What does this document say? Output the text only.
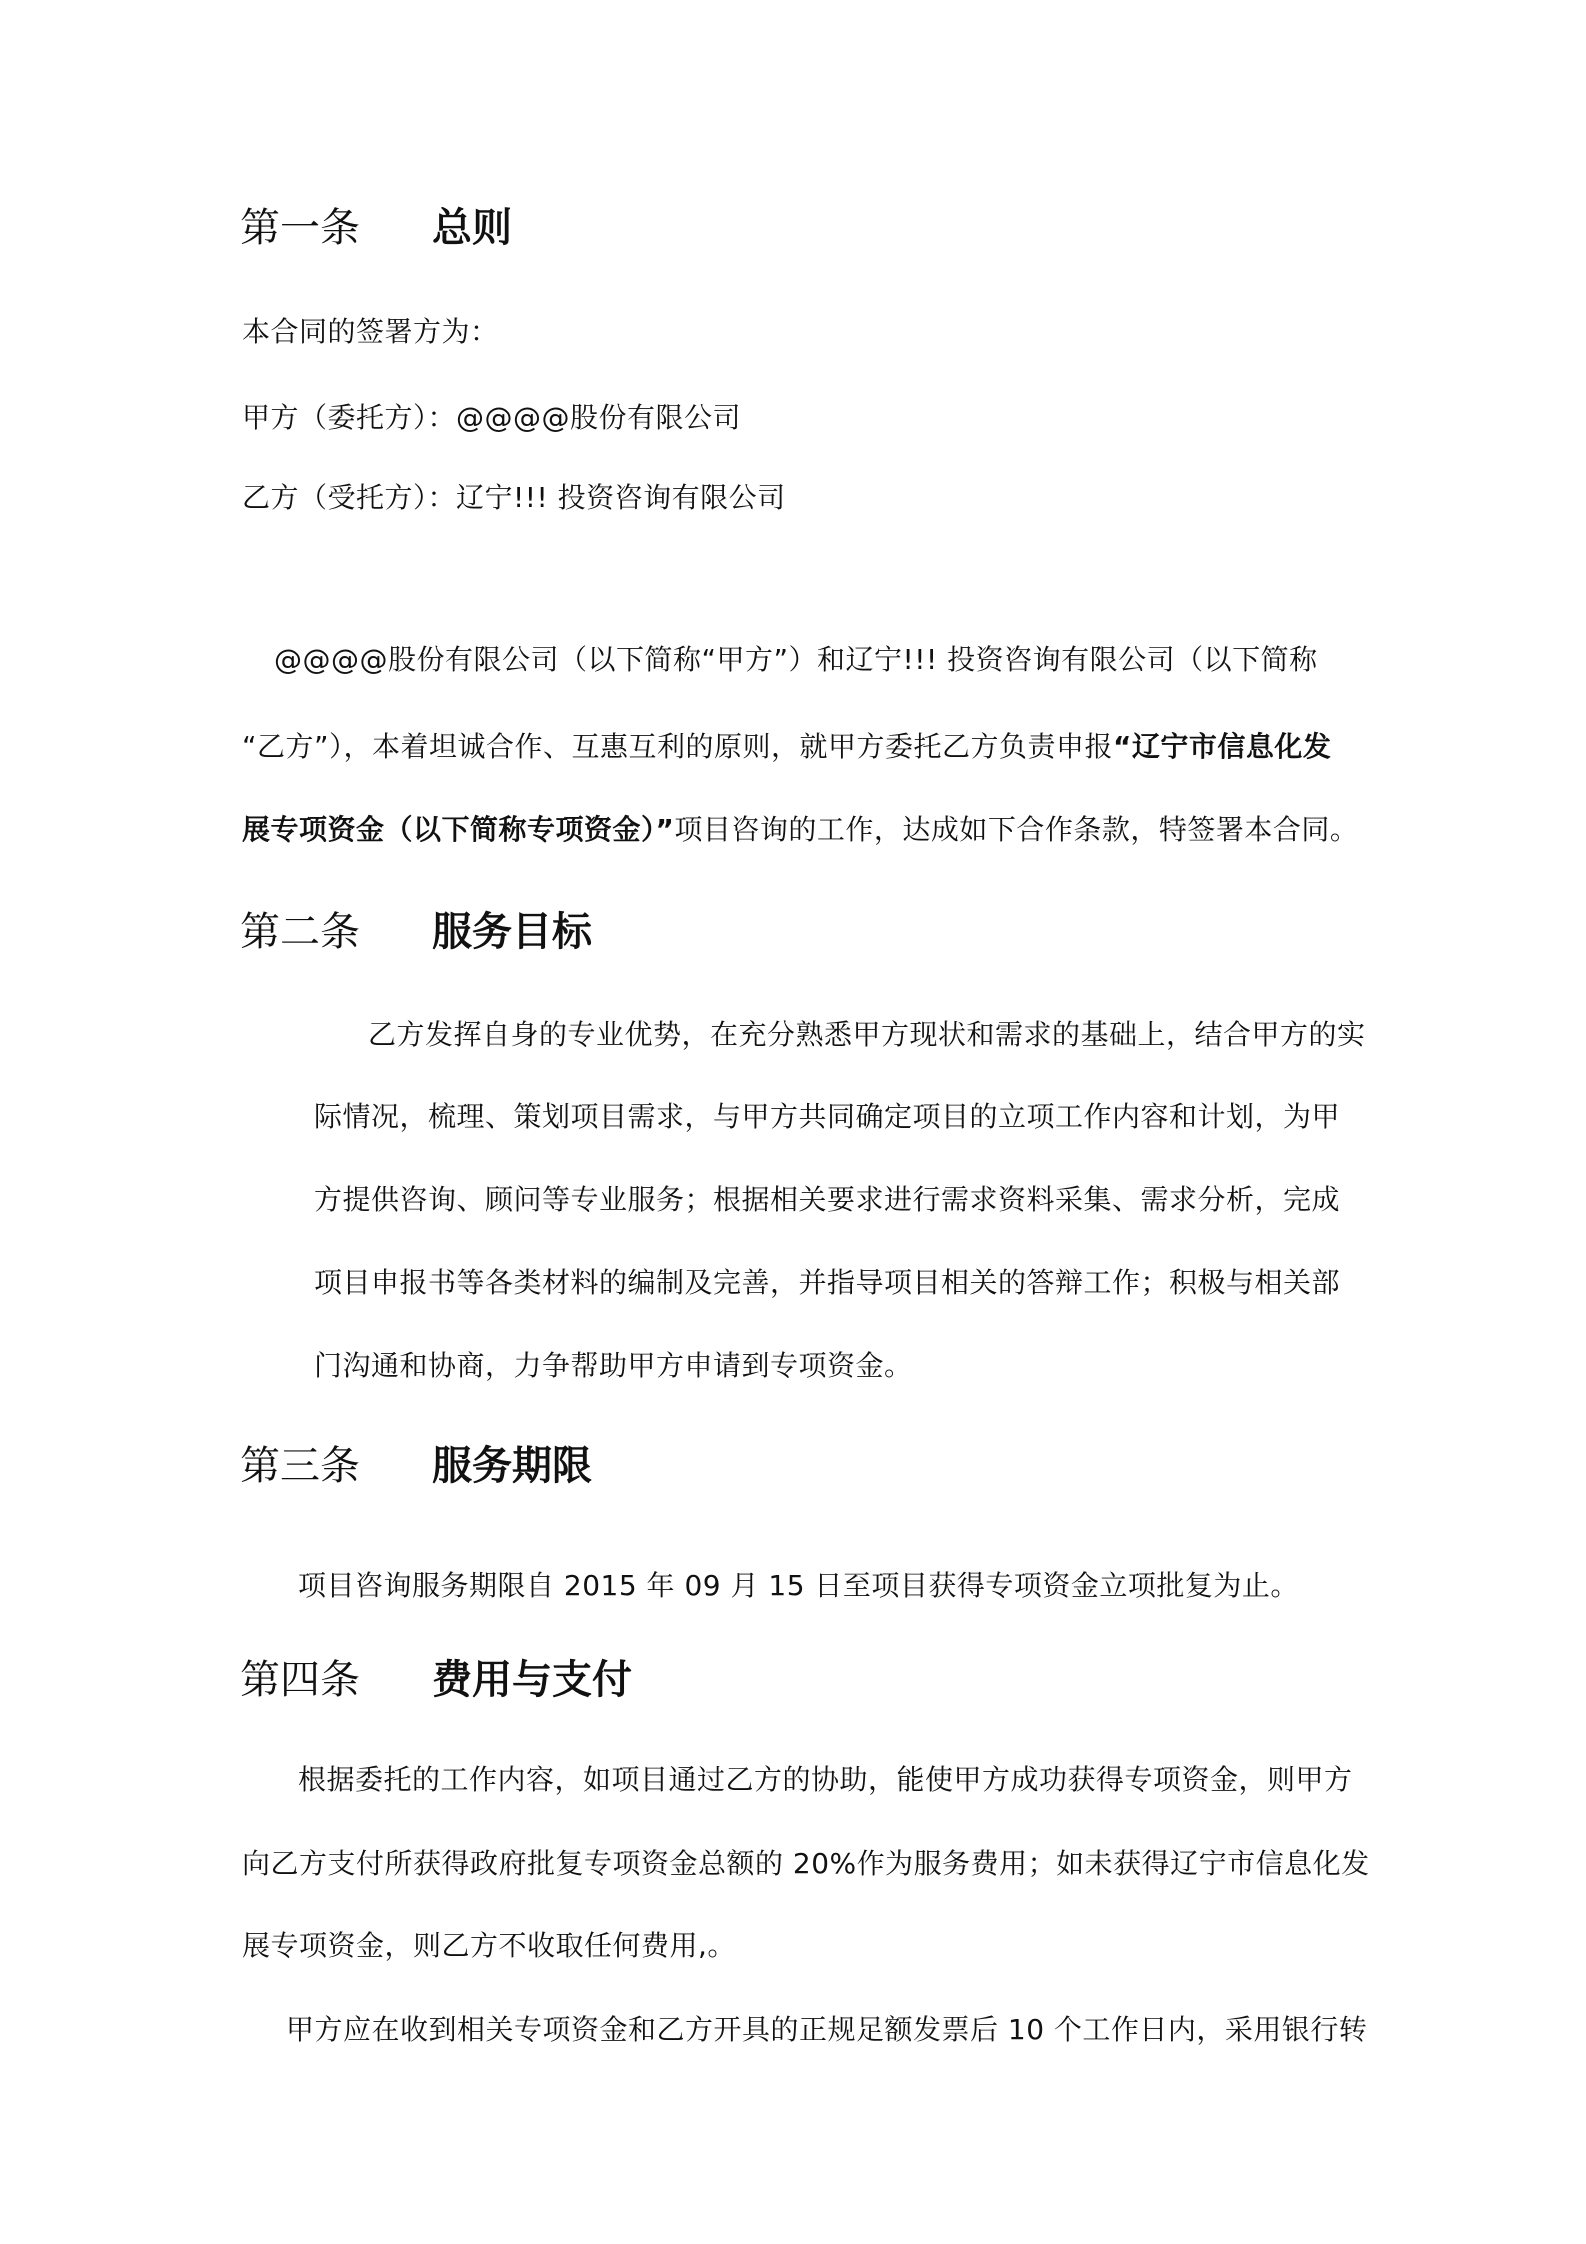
第一条 总则
本合同的签署方为：
甲方（委托方）：@@@@股份有限公司
乙方（受托方）：辽宁!!! 投资咨询有限公司
@@@@股份有限公司（以下简称“甲方”）和辽宁!!! 投资咨询有限公司（以下简称
“乙方”），本着坦诚合作、互惠互利的原则，就甲方委托乙方负责申报“辽宁市信息化发
展专项资金（以下简称专项资金）”项目咨询的工作，达成如下合作条款，特签署本合同。
第二条 服务目标
乙方发挥自身的专业优势，在充分熟悉甲方现状和需求的基础上，结合甲方的实
际情况，梳理、策划项目需求，与甲方共同确定项目的立项工作内容和计划，为甲
方提供咨询、顾问等专业服务；根据相关要求进行需求资料采集、需求分析，完成
项目申报书等各类材料的编制及完善，并指导项目相关的答辩工作；积极与相关部
门沟通和协商，力争帮助甲方申请到专项资金。
第三条 服务期限
项目咨询服务期限自 2015 年 09 月 15 日至项目获得专项资金立项批复为止。
第四条 费用与支付
根据委托的工作内容，如项目通过乙方的协助，能使甲方成功获得专项资金，则甲方
向乙方支付所获得政府批复专项资金总额的 20%作为服务费用；如未获得辽宁市信息化发
展专项资金，则乙方不收取任何费用,。
甲方应在收到相关专项资金和乙方开具的正规足额发票后 10 个工作日内，采用银行转
